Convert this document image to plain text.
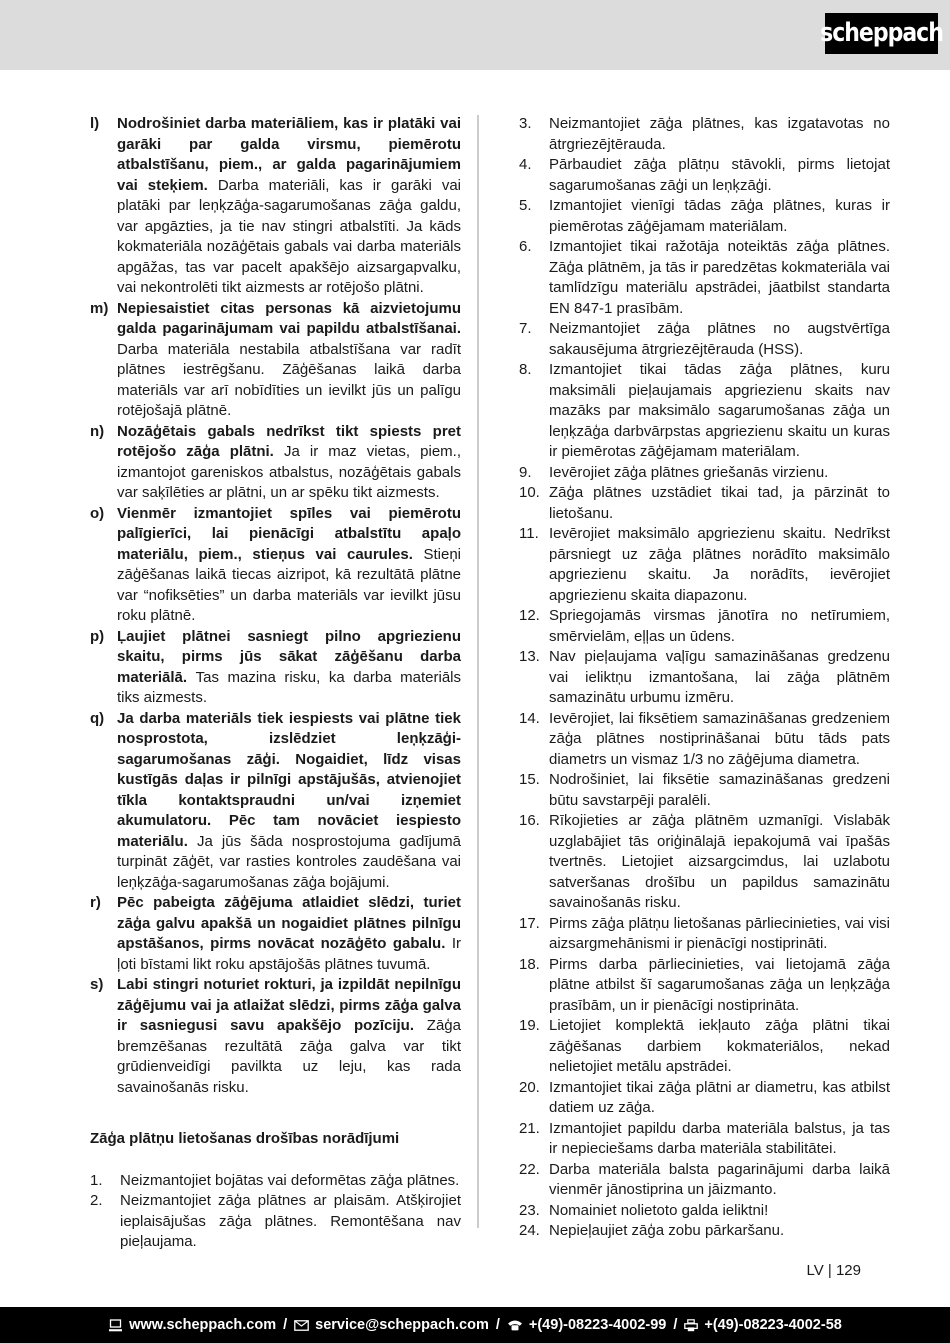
scheppach

l) Nodrošiniet darba materiāliem, kas ir platāki vai garāki par galda virsmu, piemērotu atbalstīšanu, piem., ar galda pagarinājumiem vai steķiem. Darba materiāli, kas ir garāki vai platāki par leņķzāģa-sagarumošanas zāģa galdu, var apgāzties, ja tie nav stingri atbalstīti. Ja kāds kokmateriāla nozāģētais gabals vai darba materiāls apgāžas, tas var pacelt apakšējo aizsargapvalku, vai nekontrolēti tikt aizmests ar rotējošo plātni.

m) Nepiesaistiet citas personas kā aizvietojumu galda pagarinājumam vai papildu atbalstīšanai. Darba materiāla nestabila atbalstīšana var radīt plātnes iestrēgšanu. Zāģēšanas laikā darba materiāls var arī nobīdīties un ievilkt jūs un palīgu rotējošajā plātnē.

n) Nozāģētais gabals nedrīkst tikt spiests pret rotējošo zāģa plātni. Ja ir maz vietas, piem., izmantojot gareniskos atbalstus, nozāģētais gabals var saķīlēties ar plātni, un ar spēku tikt aizmests.

o) Vienmēr izmantojiet spīles vai piemērotu palīgierīci, lai pienācīgi atbalstītu apaļo materiālu, piem., stieņus vai caurules. Stieņi zāģēšanas laikā tiecas aizripot, kā rezultātā plātne var “nofiksēties” un darba materiāls var ievilkt jūsu roku plātnē.

p) Ļaujiet plātnei sasniegt pilno apgriezienu skaitu, pirms jūs sākat zāģēšanu darba materiālā. Tas mazina risku, ka darba materiāls tiks aizmests.

q) Ja darba materiāls tiek iespiests vai plātne tiek nosprostota, izslēdziet leņķzāģi-sagarumošanas zāģi. Nogaidiet, līdz visas kustīgās daļas ir pilnīgi apstājušās, atvienojiet tīkla kontaktspraudni un/vai izņemiet akumulatoru. Pēc tam novāciet iespiesto materiālu. Ja jūs šāda nosprostojuma gadījumā turpināt zāģēt, var rasties kontroles zaudēšana vai leņķzāģa-sagarumošanas zāģa bojājumi.

r) Pēc pabeigta zāģējuma atlaidiet slēdzi, turiet zāģa galvu apakšā un nogaidiet plātnes pilnīgu apstāšanos, pirms novācat nozāģēto gabalu. Ir ļoti bīstami likt roku apstājošās plātnes tuvumā.

s) Labi stingri noturiet rokturi, ja izpildāt nepilnīgu zāģējumu vai ja atlaižat slēdzi, pirms zāģa galva ir sasniegusi savu apakšējo pozīciju. Zāģa bremzēšanas rezultātā zāģa galva var tikt grūdienveidīgi pavilkta uz leju, kas rada savainošanās risku.

Zāģa plātņu lietošanas drošības norādījumi

1. Neizmantojiet bojātas vai deformētas zāģa plātnes.

2. Neizmantojiet zāģa plātnes ar plaisām. Atšķirojiet ieplaisājušas zāģa plātnes. Remontēšana nav pieļaujama.

3. Neizmantojiet zāģa plātnes, kas izgatavotas no ātrgriezējtērauda.

4. Pārbaudiet zāģa plātņu stāvokli, pirms lietojat sagarumošanas zāģi un leņķzāģi.

5. Izmantojiet vienīgi tādas zāģa plātnes, kuras ir piemērotas zāģējamam materiālam.

6. Izmantojiet tikai ražotāja noteiktās zāģa plātnes. Zāģa plātnēm, ja tās ir paredzētas kokmateriāla vai tamlīdzīgu materiālu apstrādei, jāatbilst standarta EN 847-1 prasībām.

7. Neizmantojiet zāģa plātnes no augstvērtīga sakausējuma ātrgriezējtērauda (HSS).

8. Izmantojiet tikai tādas zāģa plātnes, kuru maksimāli pieļaujamais apgriezienu skaits nav mazāks par maksimālo sagarumošanas zāģa un leņķzāģa darbvārpstas apgriezienu skaitu un kuras ir piemērotas zāģējamam materiālam.

9. Ievērojiet zāģa plātnes griešanās virzienu.

10. Zāģa plātnes uzstādiet tikai tad, ja pārzināt to lietošanu.

11. Ievērojiet maksimālo apgriezienu skaitu. Nedrīkst pārsniegt uz zāģa plātnes norādīto maksimālo apgriezienu skaitu. Ja norādīts, ievērojiet apgriezienu skaita diapazonu.

12. Spriegojamās virsmas jānotīra no netīrumiem, smērvielām, eļļas un ūdens.

13. Nav pieļaujama vaļīgu samazināšanas gredzenu vai ieliktņu izmantošana, lai zāģa plātnēm samazinātu urbumu izmēru.

14. Ievērojiet, lai fiksētiem samazināšanas gredzeniem zāģa plātnes nostiprināšanai būtu tāds pats diametrs un vismaz 1/3 no zāģējuma diametra.

15. Nodrošiniet, lai fiksētie samazināšanas gredzeni būtu savstarpēji paralēli.

16. Rīkojieties ar zāģa plātnēm uzmanīgi. Vislabāk uzglabājiet tās oriģinālajā iepakojumā vai īpašās tvertnēs. Lietojiet aizsargcimdus, lai uzlabotu satveršanas drošību un papildus samazinātu savainošanās risku.

17. Pirms zāģa plātņu lietošanas pārliecinieties, vai visi aizsargmehānismi ir pienācīgi nostiprināti.

18. Pirms darba pārliecinieties, vai lietojamā zāģa plātne atbilst šī sagarumošanas zāģa un leņķzāģa prasībām, un ir pienācīgi nostiprināta.

19. Lietojiet komplektā iekļauto zāģa plātni tikai zāģēšanas darbiem kokmateriālos, nekad nelietojiet metālu apstrādei.

20. Izmantojiet tikai zāģa plātni ar diametru, kas atbilst datiem uz zāģa.

21. Izmantojiet papildu darba materiāla balstus, ja tas ir nepieciešams darba materiāla stabilitātei.

22. Darba materiāla balsta pagarinājumi darba laikā vienmēr jānostiprina un jāizmanto.

23. Nomainiet nolietoto galda ieliktni!

24. Nepieļaujiet zāģa zobu pārkaršanu.

LV | 129
www.scheppach.com / service@scheppach.com / +(49)-08223-4002-99 / +(49)-08223-4002-58
